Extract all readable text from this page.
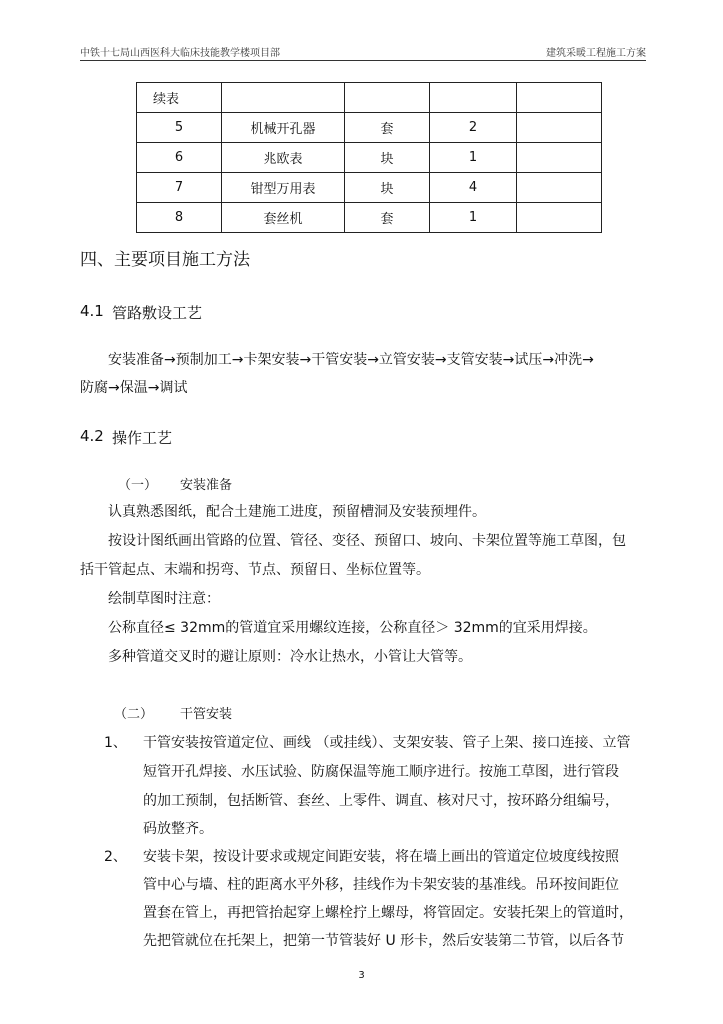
中铁十七局山西医科大临床技能教学楼项目部	建筑采暖工程施工方案
续表				
5	机械开孔器	套	2	
6	兆欧表	块	1	
7	钳型万用表	块	4	
8	套丝机	套	1	
四、主要项目施工方法
4.1 管路敷设工艺
安装准备→预制加工→卡架安装→干管安装→立管安装→支管安装→试压→冲洗→
防腐→保温→调试
4.2 操作工艺
（一） 安装准备
认真熟悉图纸，配合土建施工进度，预留槽洞及安装预埋件。
按设计图纸画出管路的位置、管径、变径、预留口、坡向、卡架位置等施工草图，包
括干管起点、末端和拐弯、节点、预留日、坐标位置等。
绘制草图时注意：
公称直径≤ 32mm的管道宜采用螺纹连接，公称直径＞ 32mm的宜采用焊接。
多种管道交叉时的避让原则：冷水让热水，小管让大管等。
（二） 干管安装
1、 干管安装按管道定位、画线 （或挂线）、支架安装、管子上架、接口连接、立管
短管开孔焊接、水压试验、防腐保温等施工顺序进行。按施工草图，进行管段
的加工预制，包括断管、套丝、上零件、调直、核对尺寸，按环路分组编号，
码放整齐。
2、 安装卡架，按设计要求或规定间距安装，将在墙上画出的管道定位坡度线按照
管中心与墙、柱的距离水平外移，挂线作为卡架安装的基准线。吊环按间距位
置套在管上，再把管抬起穿上螺栓拧上螺母，将管固定。安装托架上的管道时，
先把管就位在托架上，把第一节管装好 U 形卡，然后安装第二节管，以后各节
3
